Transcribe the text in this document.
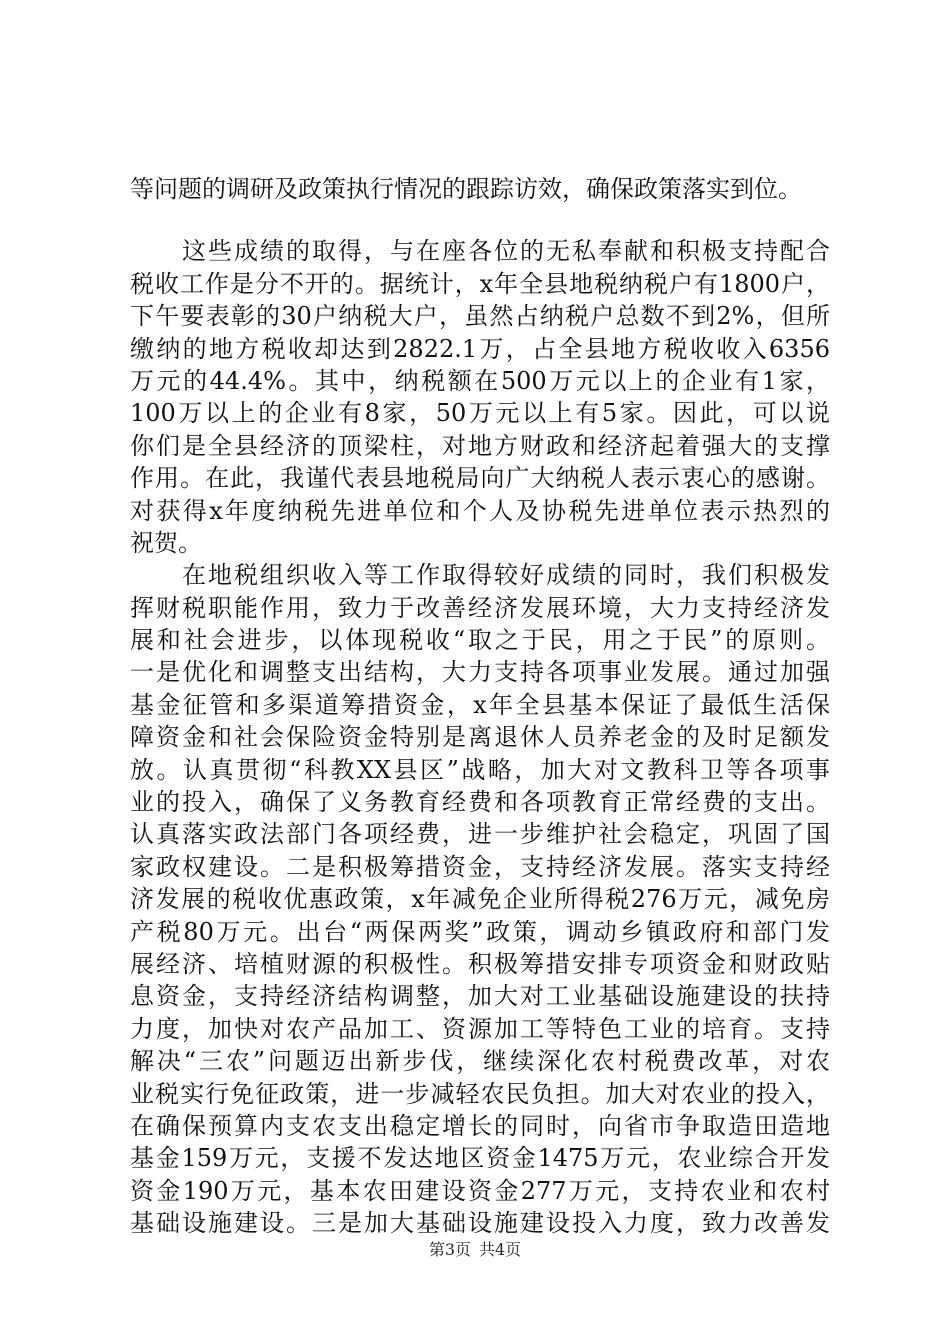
等问题的调研及政策执行情况的跟踪访效，确保政策落实到位。
　　这些成绩的取得，与在座各位的无私奉献和积极支持配合
税收工作是分不开的。据统计，x年全县地税纳税户有1800户，
下午要表彰的30户纳税大户，虽然占纳税户总数不到2%，但所
缴纳的地方税收却达到2822.1万，占全县地方税收收入6356
万元的44.4%。其中，纳税额在500万元以上的企业有1家，
100万以上的企业有8家，50万元以上有5家。因此，可以说
你们是全县经济的顶梁柱，对地方财政和经济起着强大的支撑
作用。在此，我谨代表县地税局向广大纳税人表示衷心的感谢。
对获得x年度纳税先进单位和个人及协税先进单位表示热烈的
祝贺。
　　在地税组织收入等工作取得较好成绩的同时，我们积极发
挥财税职能作用，致力于改善经济发展环境，大力支持经济发
展和社会进步，以体现税收“取之于民，用之于民”的原则。
一是优化和调整支出结构，大力支持各项事业发展。通过加强
基金征管和多渠道筹措资金，x年全县基本保证了最低生活保
障资金和社会保险资金特别是离退休人员养老金的及时足额发
放。认真贯彻“科教XX县区”战略，加大对文教科卫等各项事
业的投入，确保了义务教育经费和各项教育正常经费的支出。
认真落实政法部门各项经费，进一步维护社会稳定，巩固了国
家政权建设。二是积极筹措资金，支持经济发展。落实支持经
济发展的税收优惠政策，x年减免企业所得税276万元，减免房
产税80万元。出台“两保两奖”政策，调动乡镇政府和部门发
展经济、培植财源的积极性。积极筹措安排专项资金和财政贴
息资金，支持经济结构调整，加大对工业基础设施建设的扶持
力度，加快对农产品加工、资源加工等特色工业的培育。支持
解决“三农”问题迈出新步伐，继续深化农村税费改革，对农
业税实行免征政策，进一步减轻农民负担。加大对农业的投入，
在确保预算内支农支出稳定增长的同时，向省市争取造田造地
基金159万元，支援不发达地区资金1475万元，农业综合开发
资金190万元，基本农田建设资金277万元，支持农业和农村
基础设施建设。三是加大基础设施建设投入力度，致力改善发
第3页 共4页
